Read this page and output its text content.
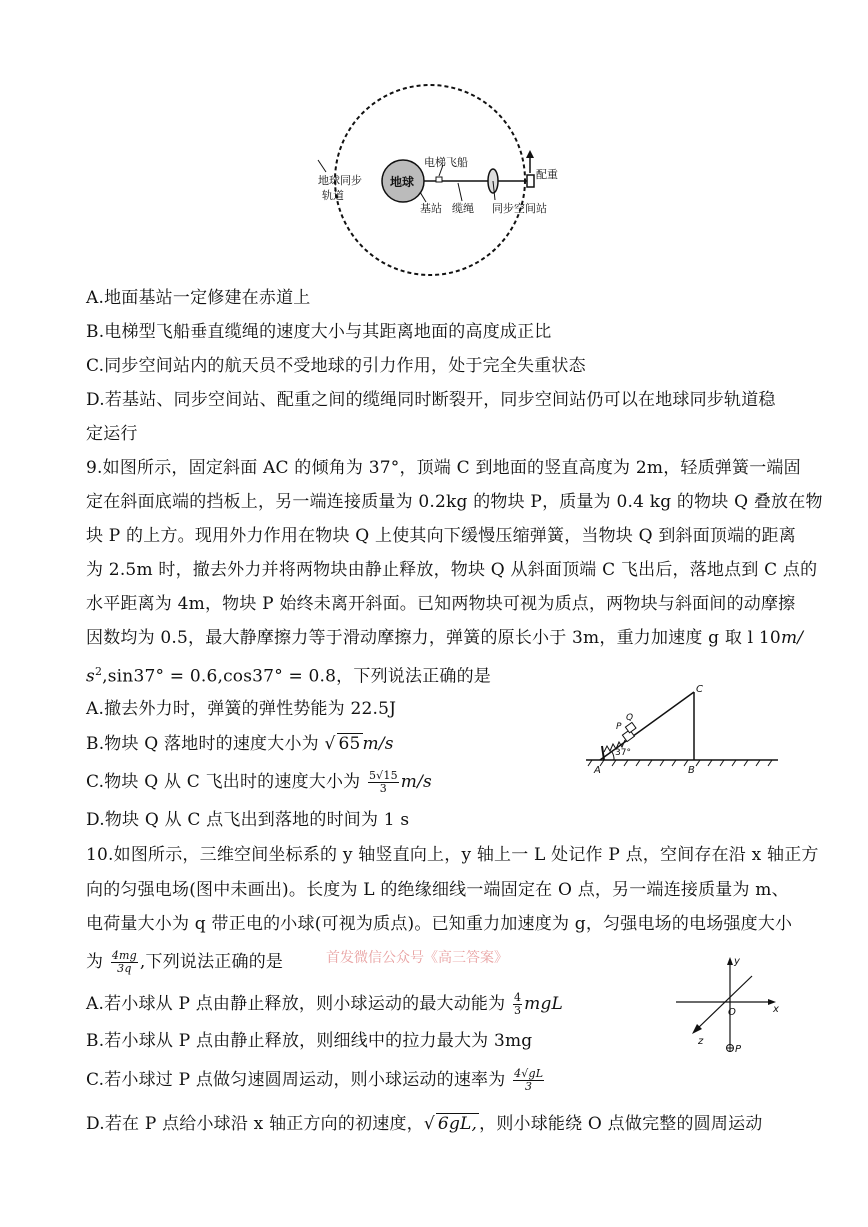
地球
电梯飞船
同步空间站
配重
基站 缆绳
地球同步
轨道
A.地面基站一定修建在赤道上
B.电梯型飞船垂直缆绳的速度大小与其距离地面的高度成正比
C.同步空间站内的航天员不受地球的引力作用，处于完全失重状态
D.若基站、同步空间站、配重之间的缆绳同时断裂开，同步空间站仍可以在地球同步轨道稳
定运行
9.如图所示，固定斜面 AC 的倾角为 37°，顶端 C 到地面的竖直高度为 2m，轻质弹簧一端固
定在斜面底端的挡板上，另一端连接质量为 0.2kg 的物块 P，质量为 0.4 kg 的物块 Q 叠放在物
块 P 的上方。现用外力作用在物块 Q 上使其向下缓慢压缩弹簧，当物块 Q 到斜面顶端的距离
为 2.5m 时，撤去外力并将两物块由静止释放，物块 Q 从斜面顶端 C 飞出后，落地点到 C 点的
水平距离为 4m，物块 P 始终未离开斜面。已知两物块可视为质点，两物块与斜面间的动摩擦
因数均为 0.5，最大静摩擦力等于滑动摩擦力，弹簧的原长小于 3m，重力加速度 g 取 l 10m/
$s^2,\sin 37^\circ = 0.6,\cos 37^\circ = 0.8$，下列说法正确的是
A.撤去外力时，弹簧的弹性势能为 22.5J
B.物块 Q 落地时的速度大小为 √ 65 m/s
C.物块 Q 从 C 飞出时的速度大小为 $\frac{5√15}{3} m/s$
D.物块 Q 从 C 点飞出到落地的时间为 1 s
37°
C
Q
P
A	B
10.如图所示，三维空间坐标系的 y 轴竖直向上，y 轴上一 L 处记作 P 点，空间存在沿 x 轴正方
向的匀强电场(图中未画出)。长度为 L 的绝缘细线一端固定在 O 点，另一端连接质量为 m、
电荷量大小为 q 带正电的小球(可视为质点)。已知重力加速度为 g，匀强电场的电场强度大小
为 $\frac{4mg}{3q}$ ,下列说法正确的是	首发微信公众号《高三答案》
A.若小球从 P 点由静止释放，则小球运动的最大动能为 $\frac{4}{3}$ mgL
B.若小球从 P 点由静止释放，则细线中的拉力最大为 3mg
C.若小球过 P 点做匀速圆周运动，则小球运动的速率为 $\frac{4√gL}{3}$
D.若在 P 点给小球沿 x 轴正方向的初速度，√ 6gL, ，则小球能绕 O 点做完整的圆周运动
y
O	x
z
P
